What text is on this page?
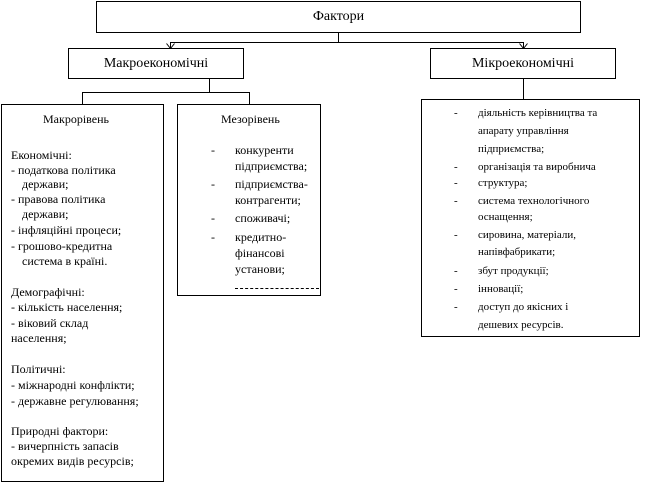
Фактори
Макроекономічні	Мікроекономічні
Макрорівень
Економічні:
- податкова політика
держави;
- правова політика
держави;
- інфляційні процеси;
- грошово-кредитна
система в країні.
Демографічні:
- кількість населення;
- віковий склад
населення;
Політичні:
- міжнародні конфлікти;
- державне регулювання;
Природні фактори:
- вичерпність запасів
окремих видів ресурсів;
Мезорівень
- конкуренти
підприємства;
- підприємства-
контрагенти;
- споживачі;
- кредитно-
фінансові
установи;
- діяльність керівництва та
апарату управління
підприємства;
- організація та виробнича
- структура;
- система технологічного
оснащення;
- сировина, матеріали,
напівфабрикати;
- збут продукції;
- інновації;
- доступ до якісних і
дешевих ресурсів.
